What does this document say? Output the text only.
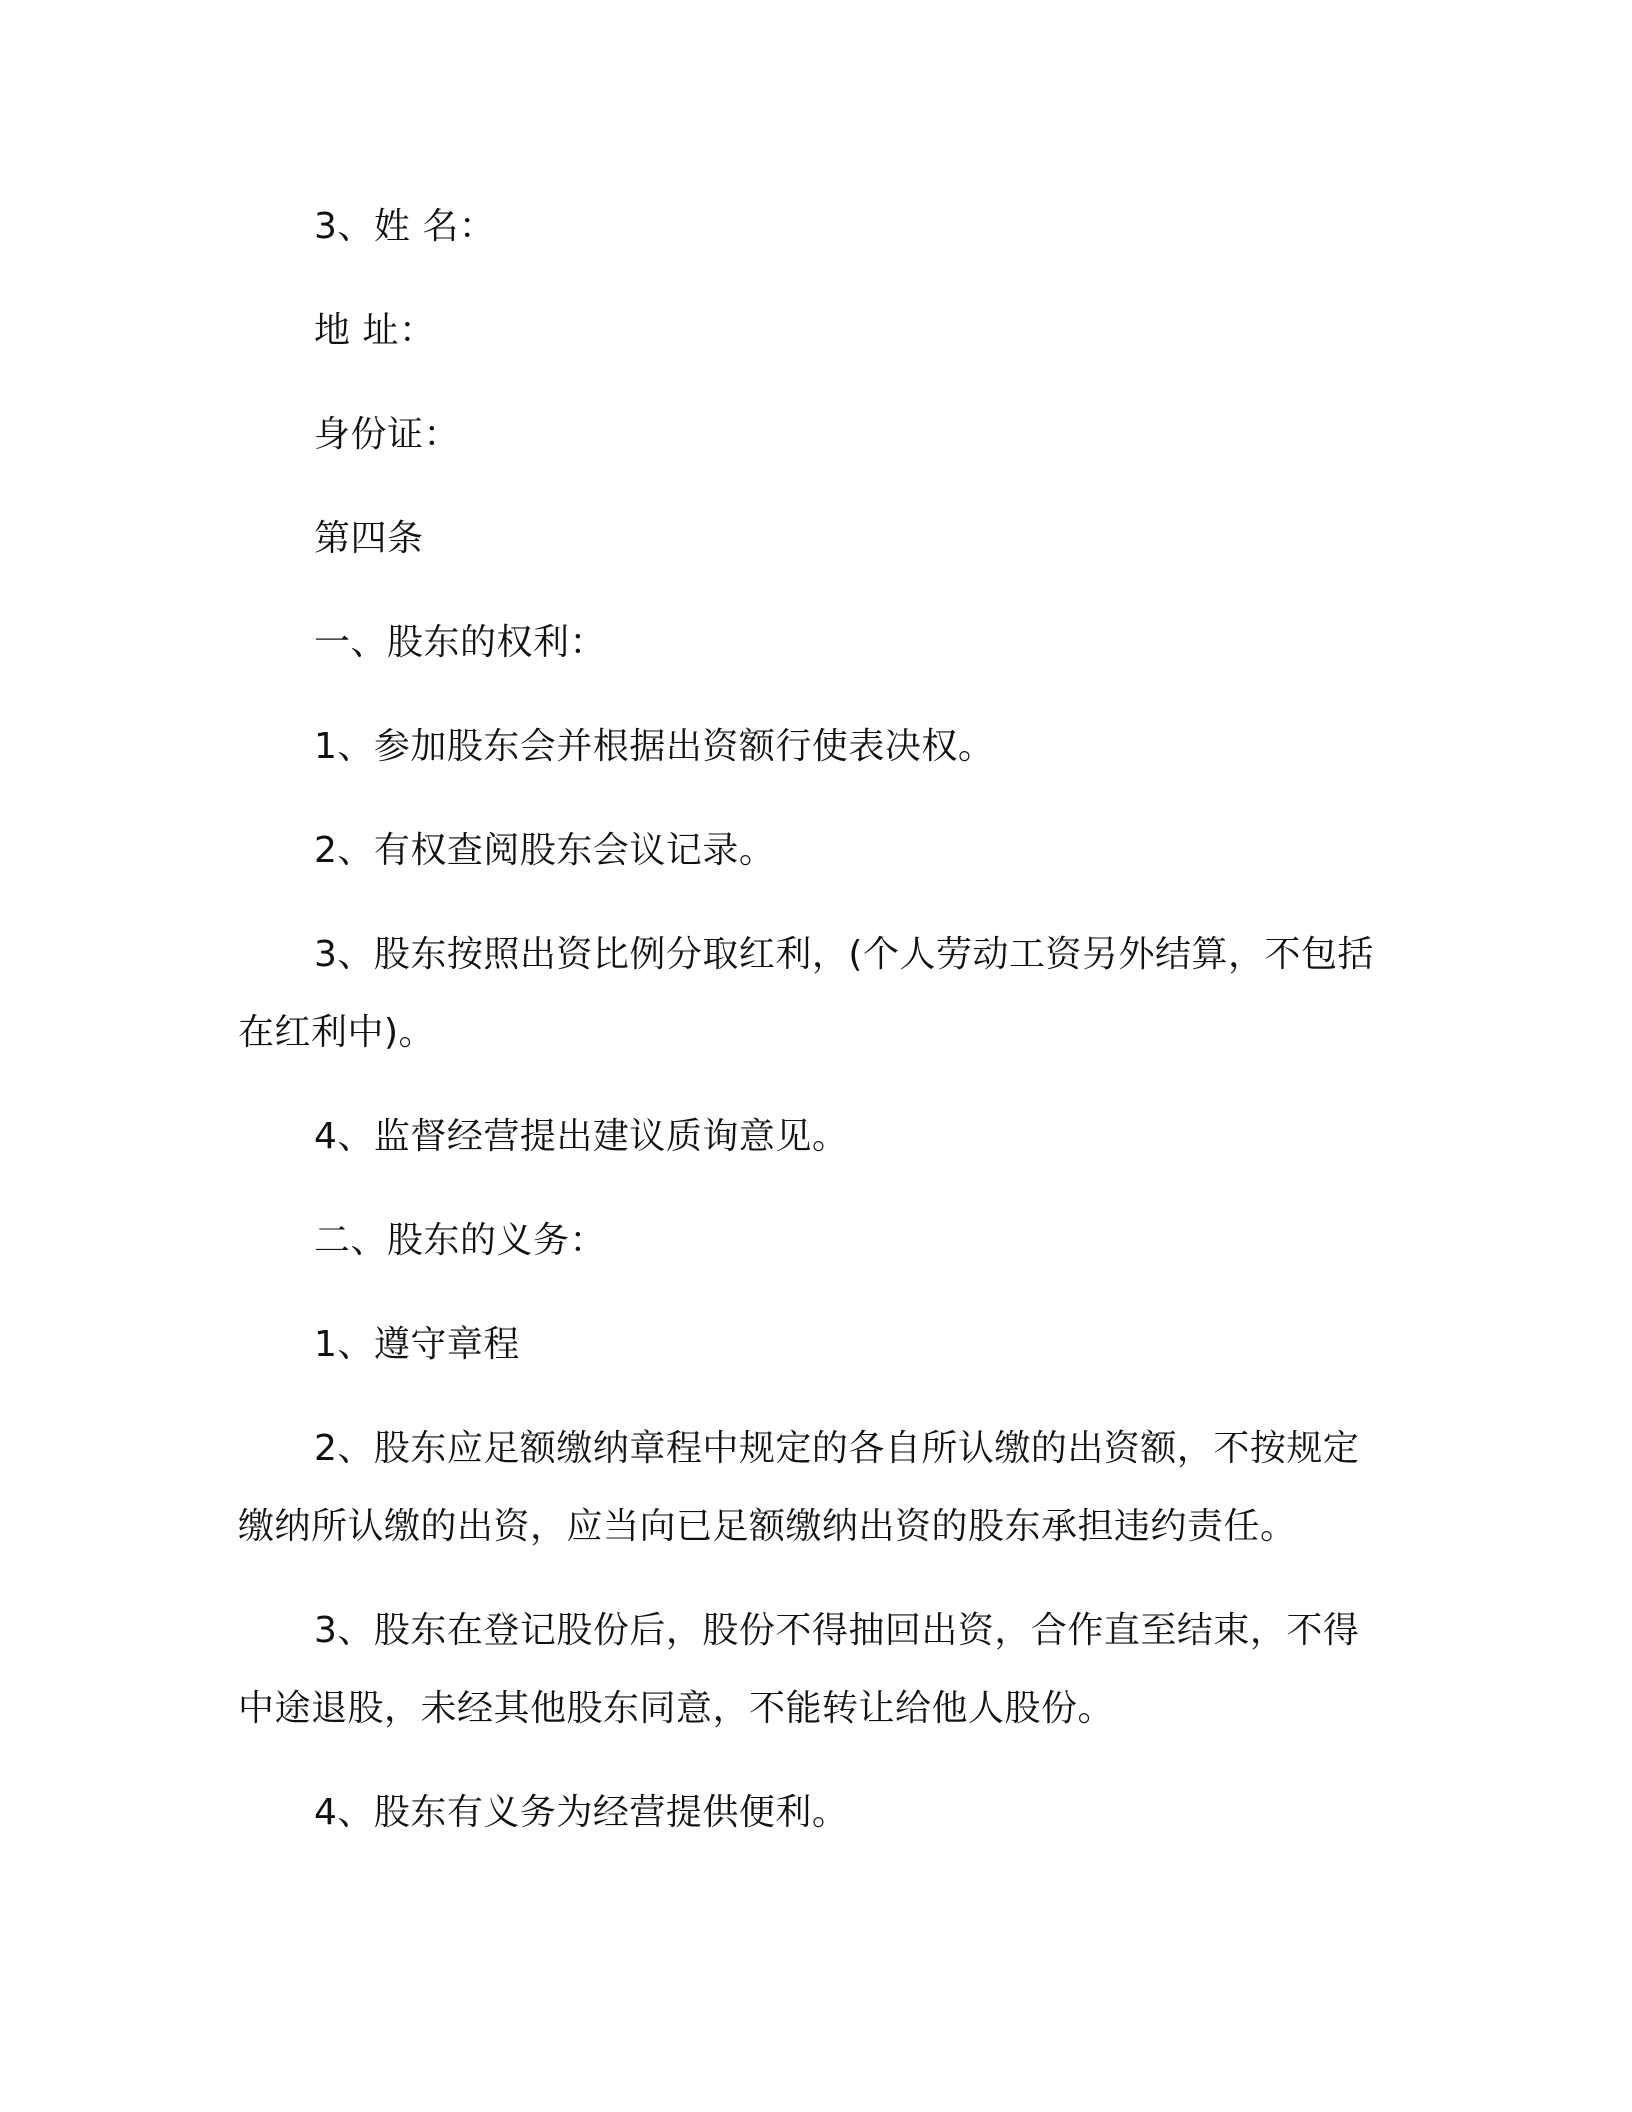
3、姓 名：

地 址：

身份证：

第四条

一、股东的权利：

1、参加股东会并根据出资额行使表决权。

2、有权查阅股东会议记录。

3、股东按照出资比例分取红利，(个人劳动工资另外结算，不包括在红利中)。

4、监督经营提出建议质询意见。

二、股东的义务：

1、遵守章程

2、股东应足额缴纳章程中规定的各自所认缴的出资额，不按规定缴纳所认缴的出资，应当向已足额缴纳出资的股东承担违约责任。

3、股东在登记股份后，股份不得抽回出资，合作直至结束，不得中途退股，未经其他股东同意，不能转让给他人股份。

4、股东有义务为经营提供便利。
